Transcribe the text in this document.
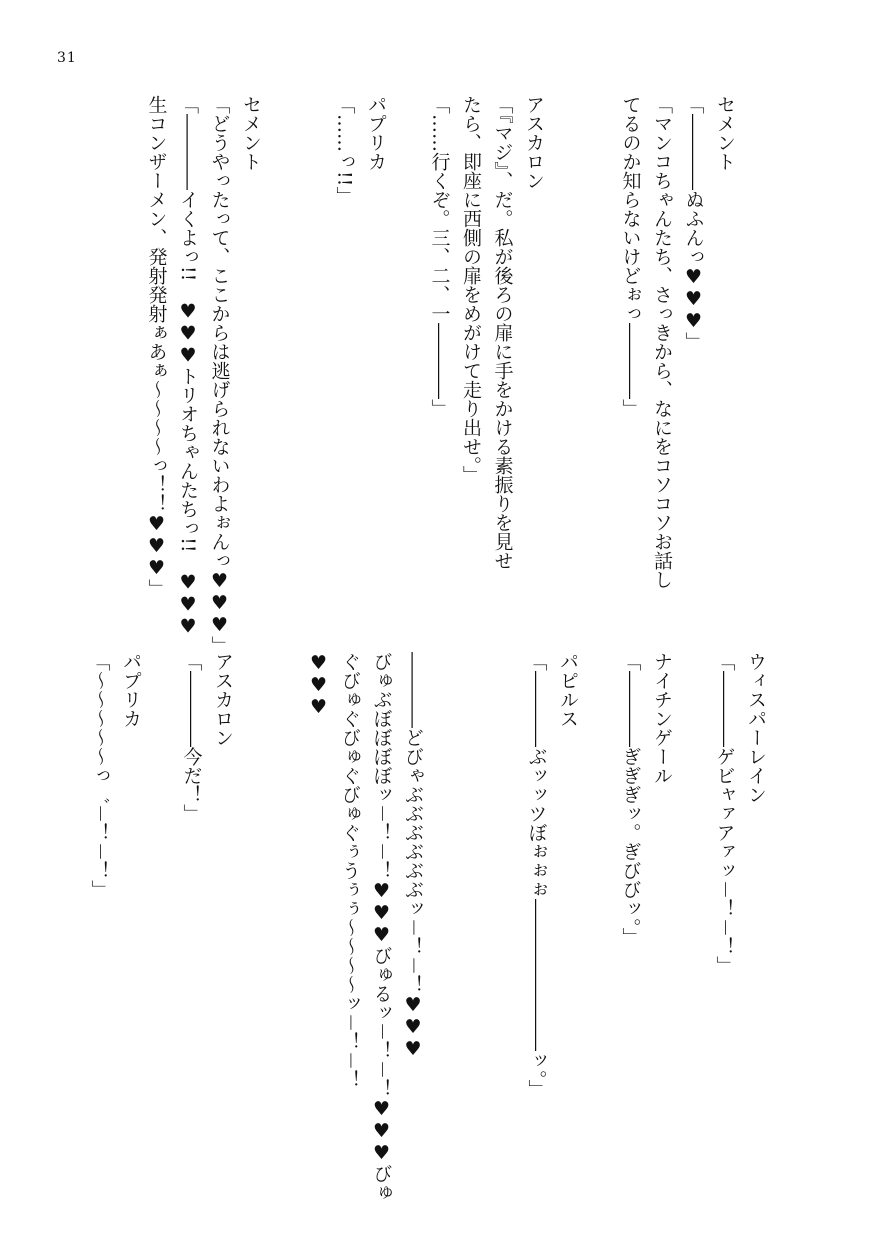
31
セメント
「――――ぬふんっ♥♥♥」
「マンコちゃんたち、さっきから、なにをコソコソお話し
てるのか知らないけどぉっ――――」
アスカロン
「『マジ』、だ。私が後ろの扉に手をかける素振りを見せ
たら、即座に西側の扉をめがけて走り出せ。」
「……行くぞ。三、二、一――――」
パプリカ
「……っ!!」
セメント
「どうやったって、ここからは逃げられないわよぉんっ♥♥♥」
「――――イくよっ!!　♥♥♥トリオちゃんたちっ!!　♥♥♥
生コンザーメン、発射発射ぁあぁ～～～～っ！！♥♥♥」
ウィスパーレイン
「――――ゲビャァアァッ－！－！」
ナイチンゲール
「――――ぎぎぎッ。ぎびびッ。」
パピルス
「――――ぶッッツぼぉぉぉ――――――――ッ。」
――――どびゃぶぶぶぶぶぶッ－！－！♥♥♥
びゅぶぼぼぼぼッ－！－！♥♥♥びゅるッ－！－！♥♥♥びゅ
ぐびゅぐびゅぐびゅぐぅうぅぅ～～～～ッ－！－！
♥♥♥
アスカロン
「――――今だ！」
パプリカ
「～～～～～っ゛－！－！」
